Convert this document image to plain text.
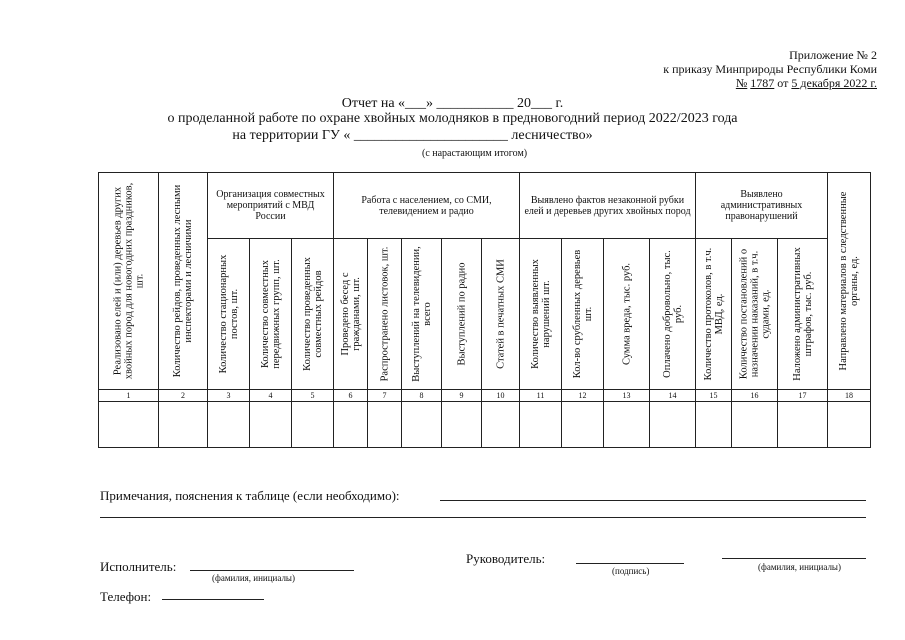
Приложение № 2
к приказу Минприроды Республики Коми
№ 1787 от 5 декабря 2022 г.
Отчет на «___» ___________ 20___ г.
о проделанной работе по охране хвойных молодняков в предновогодний период 2022/2023 года
на территории ГУ « ______________________ лесничество»
(с нарастающим итогом)
Реализовано елей и (или) деревьев других хвойных пород для новогодних праздников, шт.	Количество рейдов, проведенных лесными инспекторами и лесничими	Организация совместных мероприятий с МВД России			Работа с населением, со СМИ, телевидением и радио					Выявлено фактов незаконной рубки елей и деревьев других хвойных пород				Выявлено административных правонарушений			Направлено материалов в следственные органы, ед.

		Количество стационарных постов, шт.	Количество совместных передвижных групп, шт.	Количество проведенных совместных рейдов	Проведено бесед с гражданами, шт.	Распространено листовок, шт.	Выступлений на телевидении, всего	Выступлений по радио	Статей в печатных СМИ	Количество выявленных нарушений шт.	Кол-во срубленных деревьев шт.	Сумма вреда, тыс. руб.	Оплачено добровольно, тыс. руб.	Количество протоколов, в т.ч. МВД, ед.	Количество постановлений о назначении наказаний, в т.ч. судами, ед.	Наложено административных штрафов, тыс. руб.	

1	2	3	4	5	6	7	8	9	10	11	12	13	14	15	16	17	18

Примечания, пояснения к таблице (если необходимо):
Исполнитель:
(фамилия, инициалы)
Руководитель:
(подпись)	(фамилия, инициалы)
Телефон:
